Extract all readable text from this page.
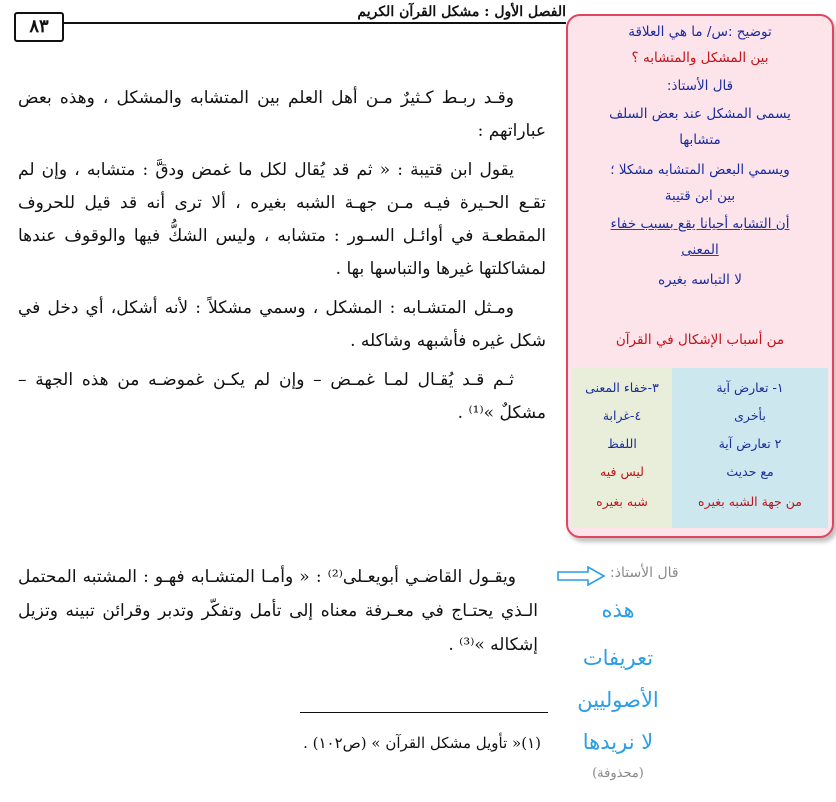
الفصل الأول : مشكل القرآن الكريم
٨٣

وقـد ربـط كـثيرٌ مـن أهل العلم بين المتشابه والمشكل ، وهذه بعض عباراتهم :

يقول ابن قتيبة : « ثم قد يُقال لكل ما غمض ودقَّ : متشابه ، وإن لم تقـع الحـيرة فيـه مـن جهـة الشبه بغيره ، ألا ترى أنه قد قيل للحروف المقطعـة في أوائـل السـور : متشابه ، وليس الشكُّ فيها والوقوف عندها لمشاكلتها غيرها والتباسها بها .

ومـثل المتشـابه : المشكل ، وسمي مشكلاً : لأنه أشكل، أي دخل في شكل غيره فأشبهه وشاكله .

ثـم قـد يُقـال لمـا غمـض – وإن لم يكـن غموضـه من هذه الجهة – مشكلٌ »⁽¹⁾ .

توضيح :س/ ما هي العلاقة
بين المشكل والمتشابه ؟
قال الأستاذ:
يسمى المشكل عند بعض السلف
متشابها
ويسمي البعض المتشابه مشكلا ؛
بين ابن قتيبة
أن التشابه أحيانا يقع بسبب خفاء
المعنى
لا التباسه بغيره
من أسباب الإشكال في القرآن
١- تعارض آية
بأخرى
٢ تعارض آية
مع حديث
من جهة الشبه بغيره
٣-خفاء المعنى
٤-غرابة
اللفظ
ليس فيه
شبه بغيره
قال الأستاذ:
هذه
تعريفات
الأصوليين
لا نريدها
(محذوفة)

ويقـول القاضـي أبويعـلى⁽²⁾ : « وأمـا المتشـابه فهـو : المشتبه المحتمل الـذي يحتـاج في معـرفة معناه إلى تأمل وتفكّر وتدبر وقرائن تبينه وتزيل إشكاله »⁽³⁾ .

(١)« تأويل مشكل القرآن » (ص١٠٢) .
